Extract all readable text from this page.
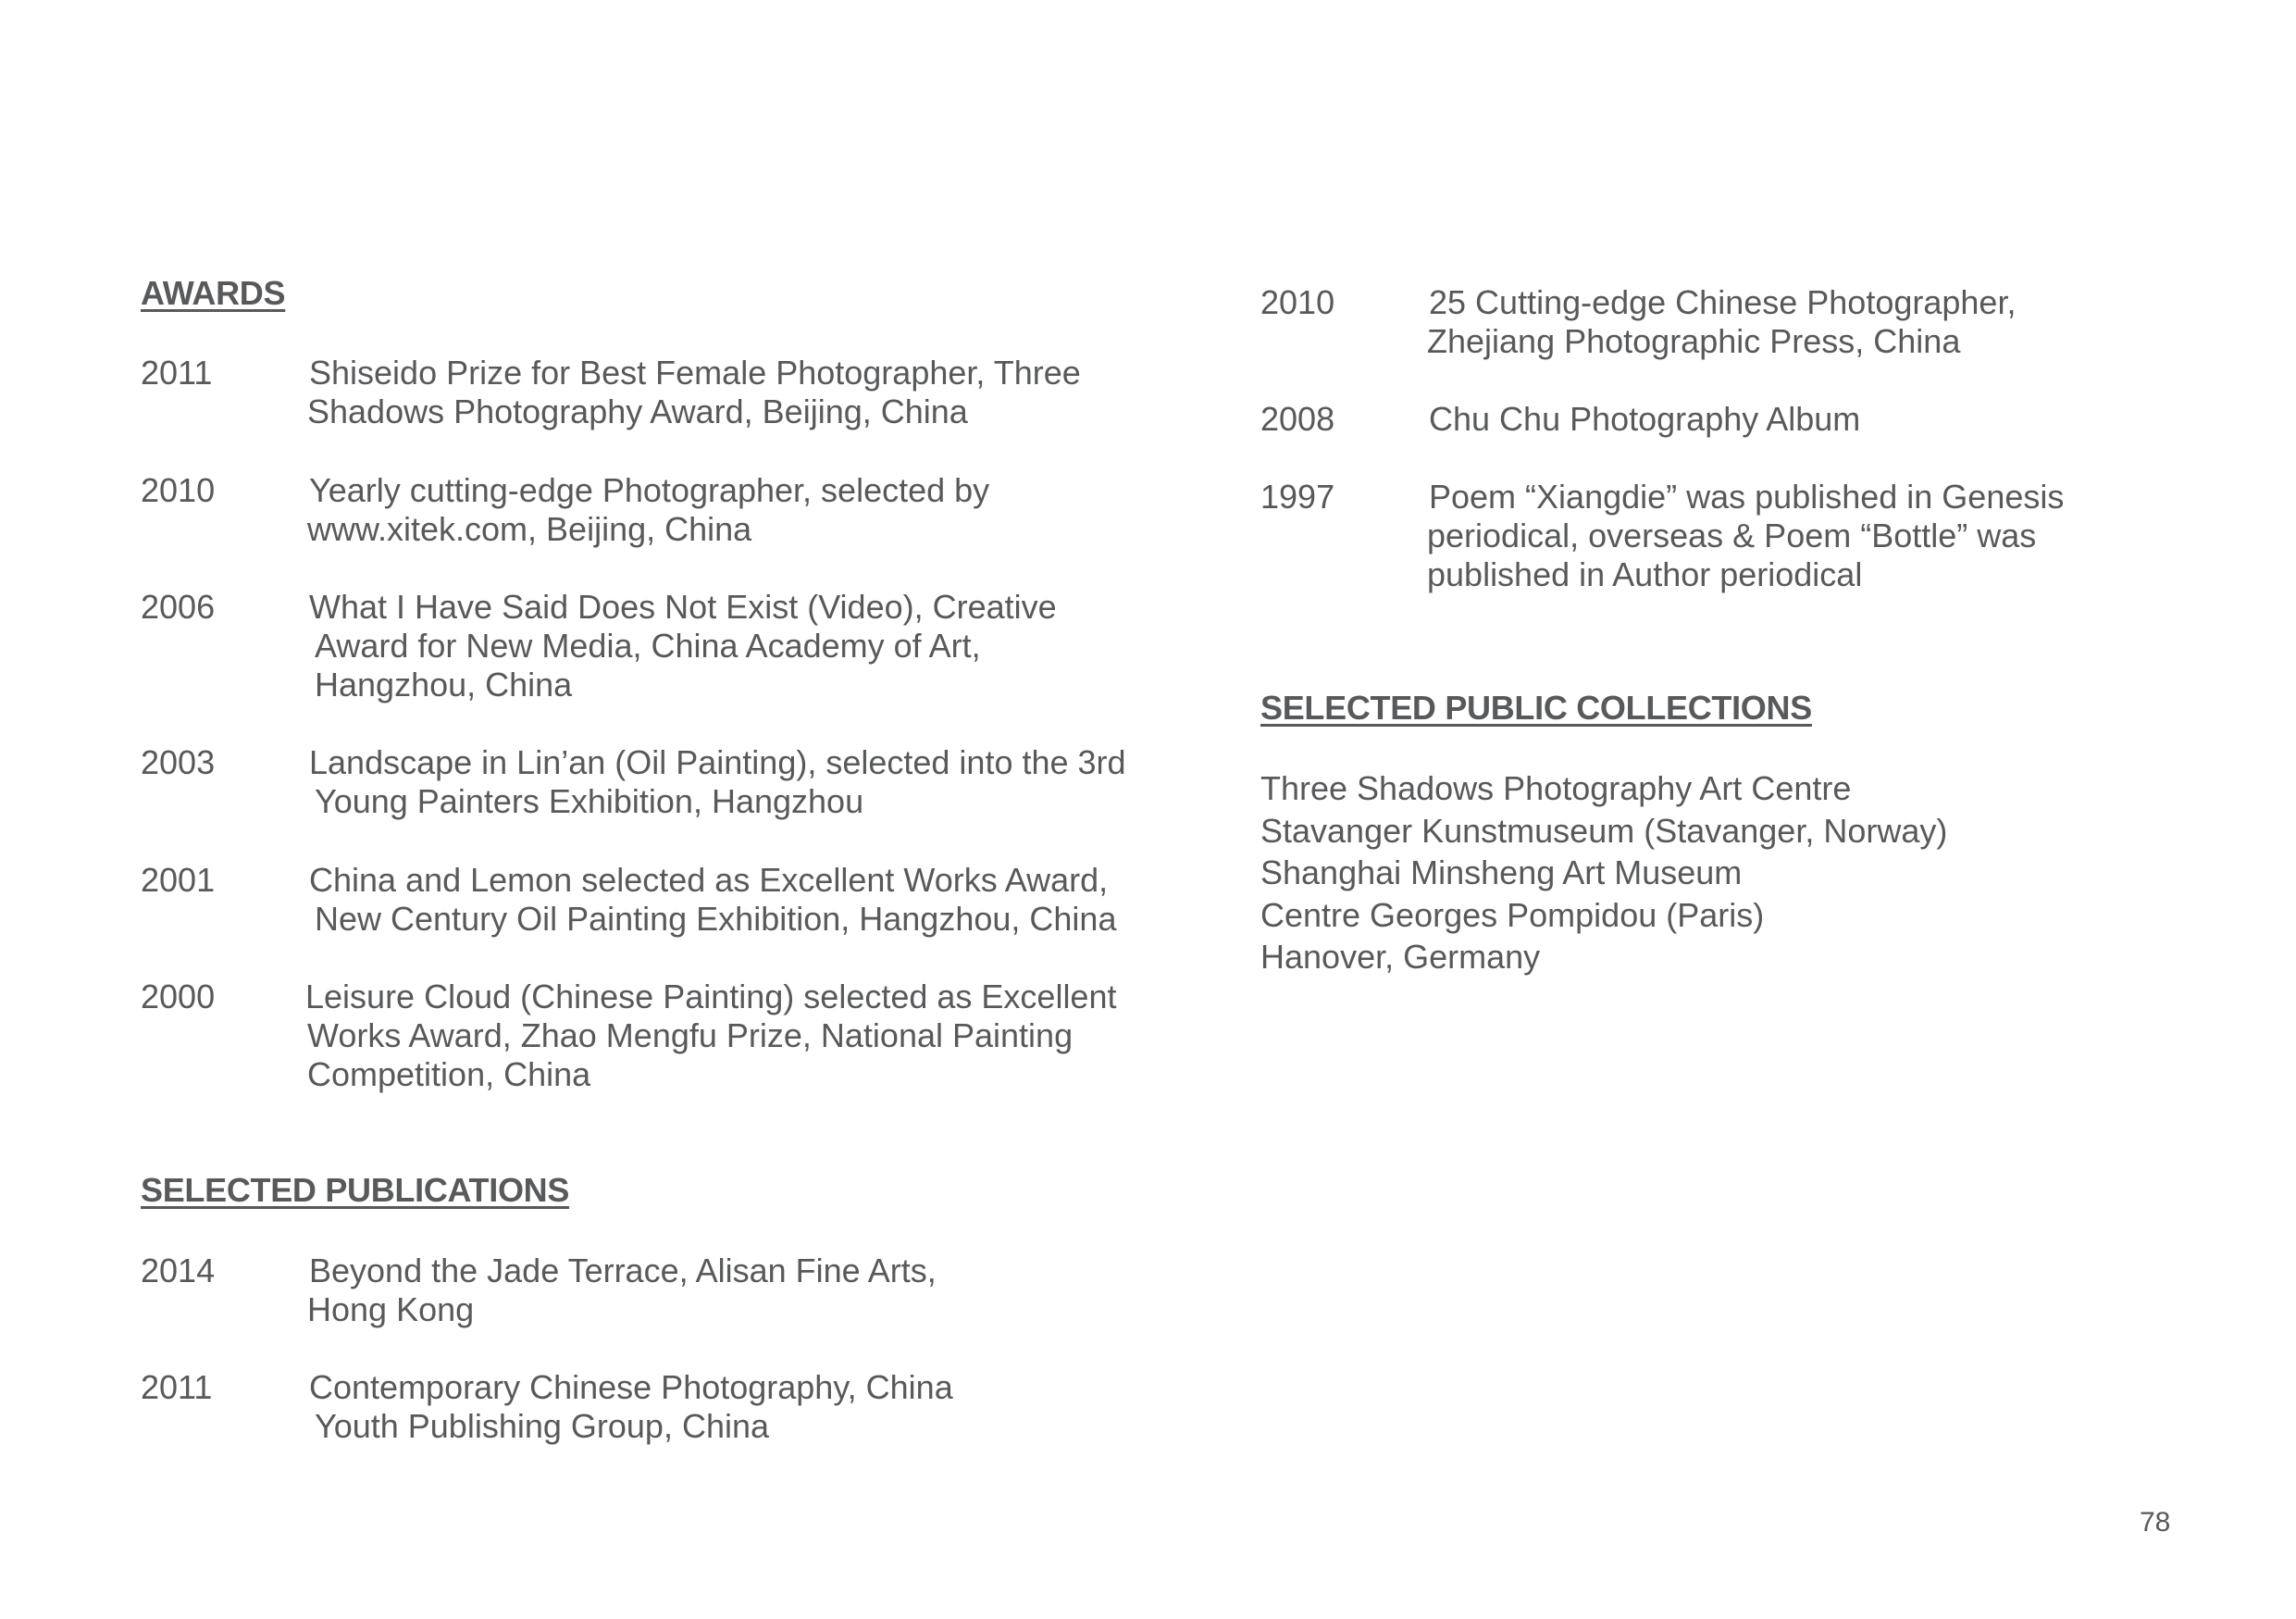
AWARDS
2011	Shiseido Prize for Best Female Photographer, Three
Shadows Photography Award, Beijing, China
2010	Yearly cutting-edge Photographer, selected by
www.xitek.com, Beijing, China
2006	What I Have Said Does Not Exist (Video), Creative
Award for New Media, China Academy of Art,
Hangzhou, China
2003	Landscape in Lin’an (Oil Painting), selected into the 3rd
Young Painters Exhibition, Hangzhou
2001	China and Lemon selected as Excellent Works Award,
New Century Oil Painting Exhibition, Hangzhou, China
2000	Leisure Cloud (Chinese Painting) selected as Excellent
Works Award, Zhao Mengfu Prize, National Painting
Competition, China
SELECTED PUBLICATIONS
2014	Beyond the Jade Terrace, Alisan Fine Arts,
Hong Kong
2011	Contemporary Chinese Photography, China
Youth Publishing Group, China
2010	25 Cutting-edge Chinese Photographer,
Zhejiang Photographic Press, China
2008	Chu Chu Photography Album
1997	Poem “Xiangdie” was published in Genesis
periodical, overseas & Poem “Bottle” was
published in Author periodical
SELECTED PUBLIC COLLECTIONS
Three Shadows Photography Art Centre
Stavanger Kunstmuseum (Stavanger, Norway)
Shanghai Minsheng Art Museum
Centre Georges Pompidou (Paris)
Hanover, Germany
78
